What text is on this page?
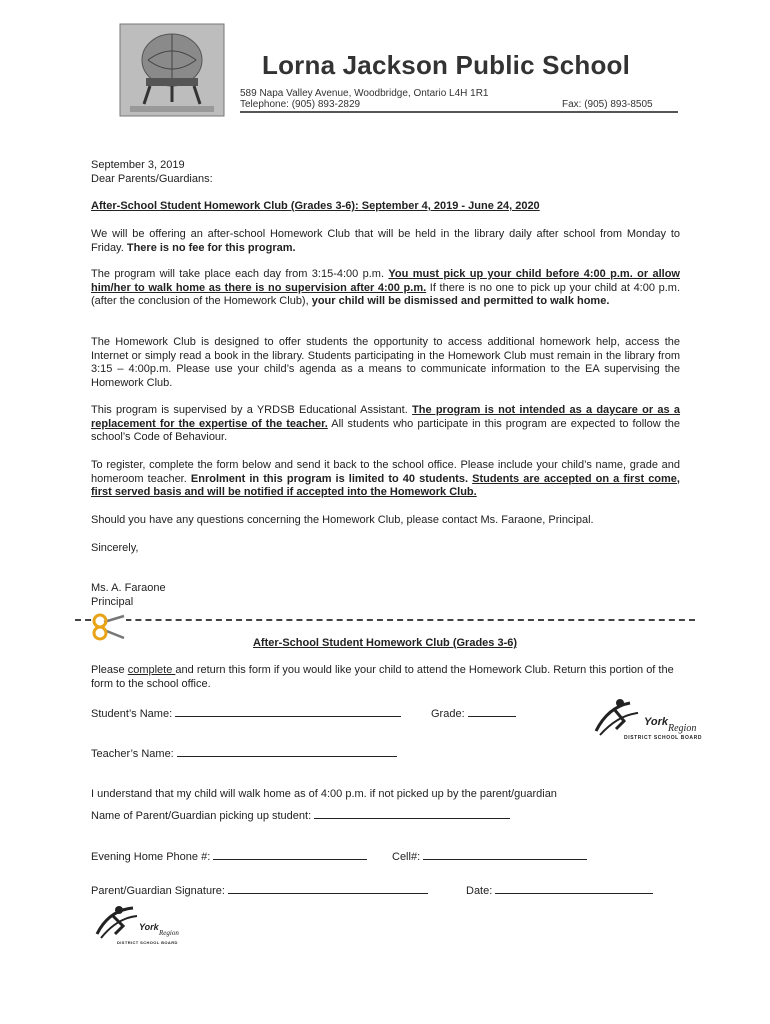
Lorna Jackson Public School
589 Napa Valley Avenue, Woodbridge, Ontario L4H 1R1
Telephone: (905) 893-2829	Fax: (905) 893-8505
September 3, 2019
Dear Parents/Guardians:
After-School Student Homework Club (Grades 3-6): September 4, 2019 - June 24, 2020
We will be offering an after-school Homework Club that will be held in the library daily after school from Monday to Friday. There is no fee for this program.
The program will take place each day from 3:15-4:00 p.m. You must pick up your child before 4:00 p.m. or allow him/her to walk home as there is no supervision after 4:00 p.m. If there is no one to pick up your child at 4:00 p.m. (after the conclusion of the Homework Club), your child will be dismissed and permitted to walk home.
The Homework Club is designed to offer students the opportunity to access additional homework help, access the Internet or simply read a book in the library. Students participating in the Homework Club must remain in the library from 3:15 – 4:00p.m. Please use your child’s agenda as a means to communicate information to the EA supervising the Homework Club.
This program is supervised by a YRDSB Educational Assistant. The program is not intended as a daycare or as a replacement for the expertise of the teacher. All students who participate in this program are expected to follow the school’s Code of Behaviour.
To register, complete the form below and send it back to the school office. Please include your child’s name, grade and homeroom teacher. Enrolment in this program is limited to 40 students. Students are accepted on a first come, first served basis and will be notified if accepted into the Homework Club.
Should you have any questions concerning the Homework Club, please contact Ms. Faraone, Principal.
Sincerely,
Ms. A. Faraone
Principal
After-School Student Homework Club (Grades 3-6)
Please complete and return this form if you would like your child to attend the Homework Club. Return this portion of the form to the school office.
Student’s Name:	Grade:
Teacher’s Name:
I understand that my child will walk home as of 4:00 p.m. if not picked up by the parent/guardian
Name of Parent/Guardian picking up student:
Evening Home Phone #:	Cell#:
Parent/Guardian Signature:	Date:
York
Region
DISTRICT SCHOOL BOARD
York
Region
DISTRICT SCHOOL BOARD
